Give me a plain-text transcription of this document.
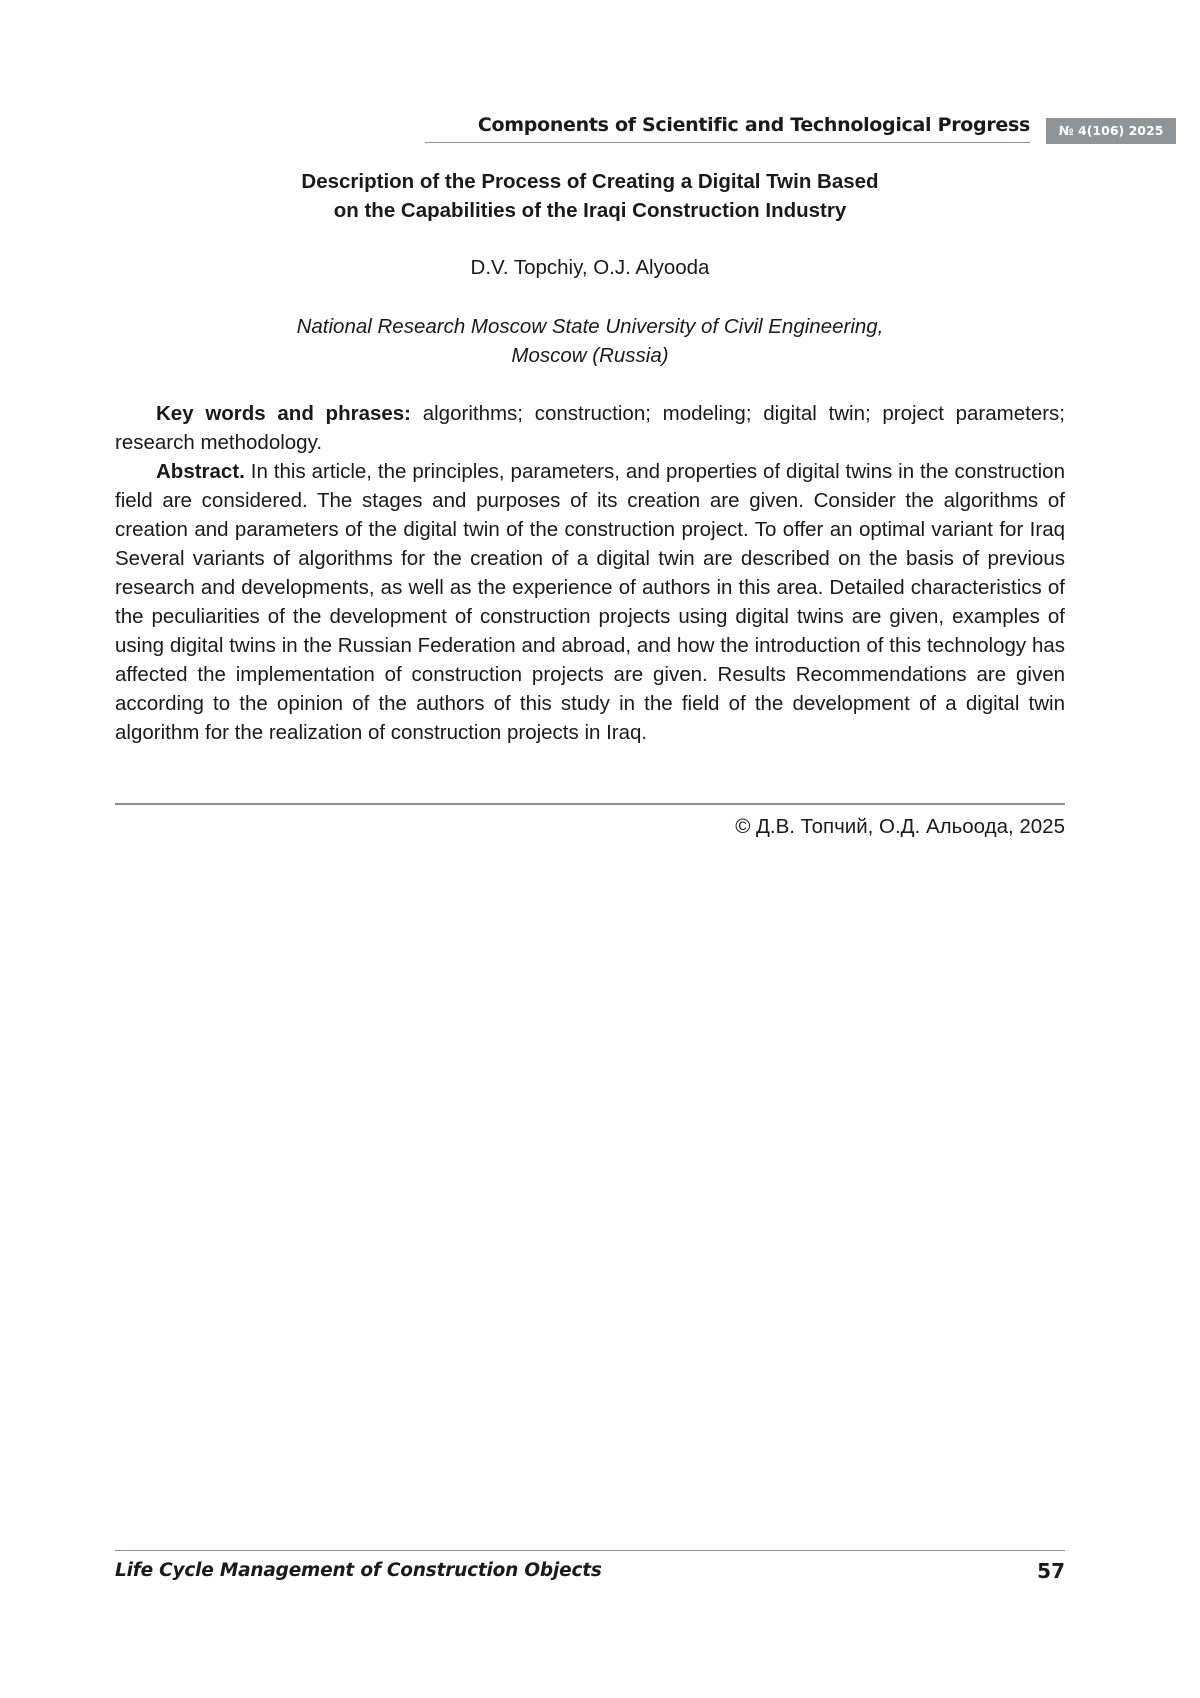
Components of Scientific and Technological Progress	№ 4(106) 2025
Description of the Process of Creating a Digital Twin Based
on the Capabilities of the Iraqi Construction Industry
D.V. Topchiy, O.J. Alyooda
National Research Moscow State University of Civil Engineering,
Moscow (Russia)

Key words and phrases: algorithms; construction; modeling; digital twin; project parameters; research methodology.

Abstract. In this article, the principles, parameters, and properties of digital twins in the construction field are considered. The stages and purposes of its creation are given. Consider the algorithms of creation and parameters of the digital twin of the construction project. To offer an optimal variant for Iraq Several variants of algorithms for the creation of a digital twin are described on the basis of previous research and developments, as well as the experience of authors in this area. Detailed characteristics of the peculiarities of the development of construction projects using digital twins are given, examples of using digital twins in the Russian Federation and abroad, and how the introduction of this technology has affected the implementation of construction projects are given. Results Recommendations are given according to the opinion of the authors of this study in the field of the development of a digital twin algorithm for the realization of construction projects in Iraq.

© Д.В. Топчий, О.Д. Альоода, 2025
Life Cycle Management of Construction Objects	57
